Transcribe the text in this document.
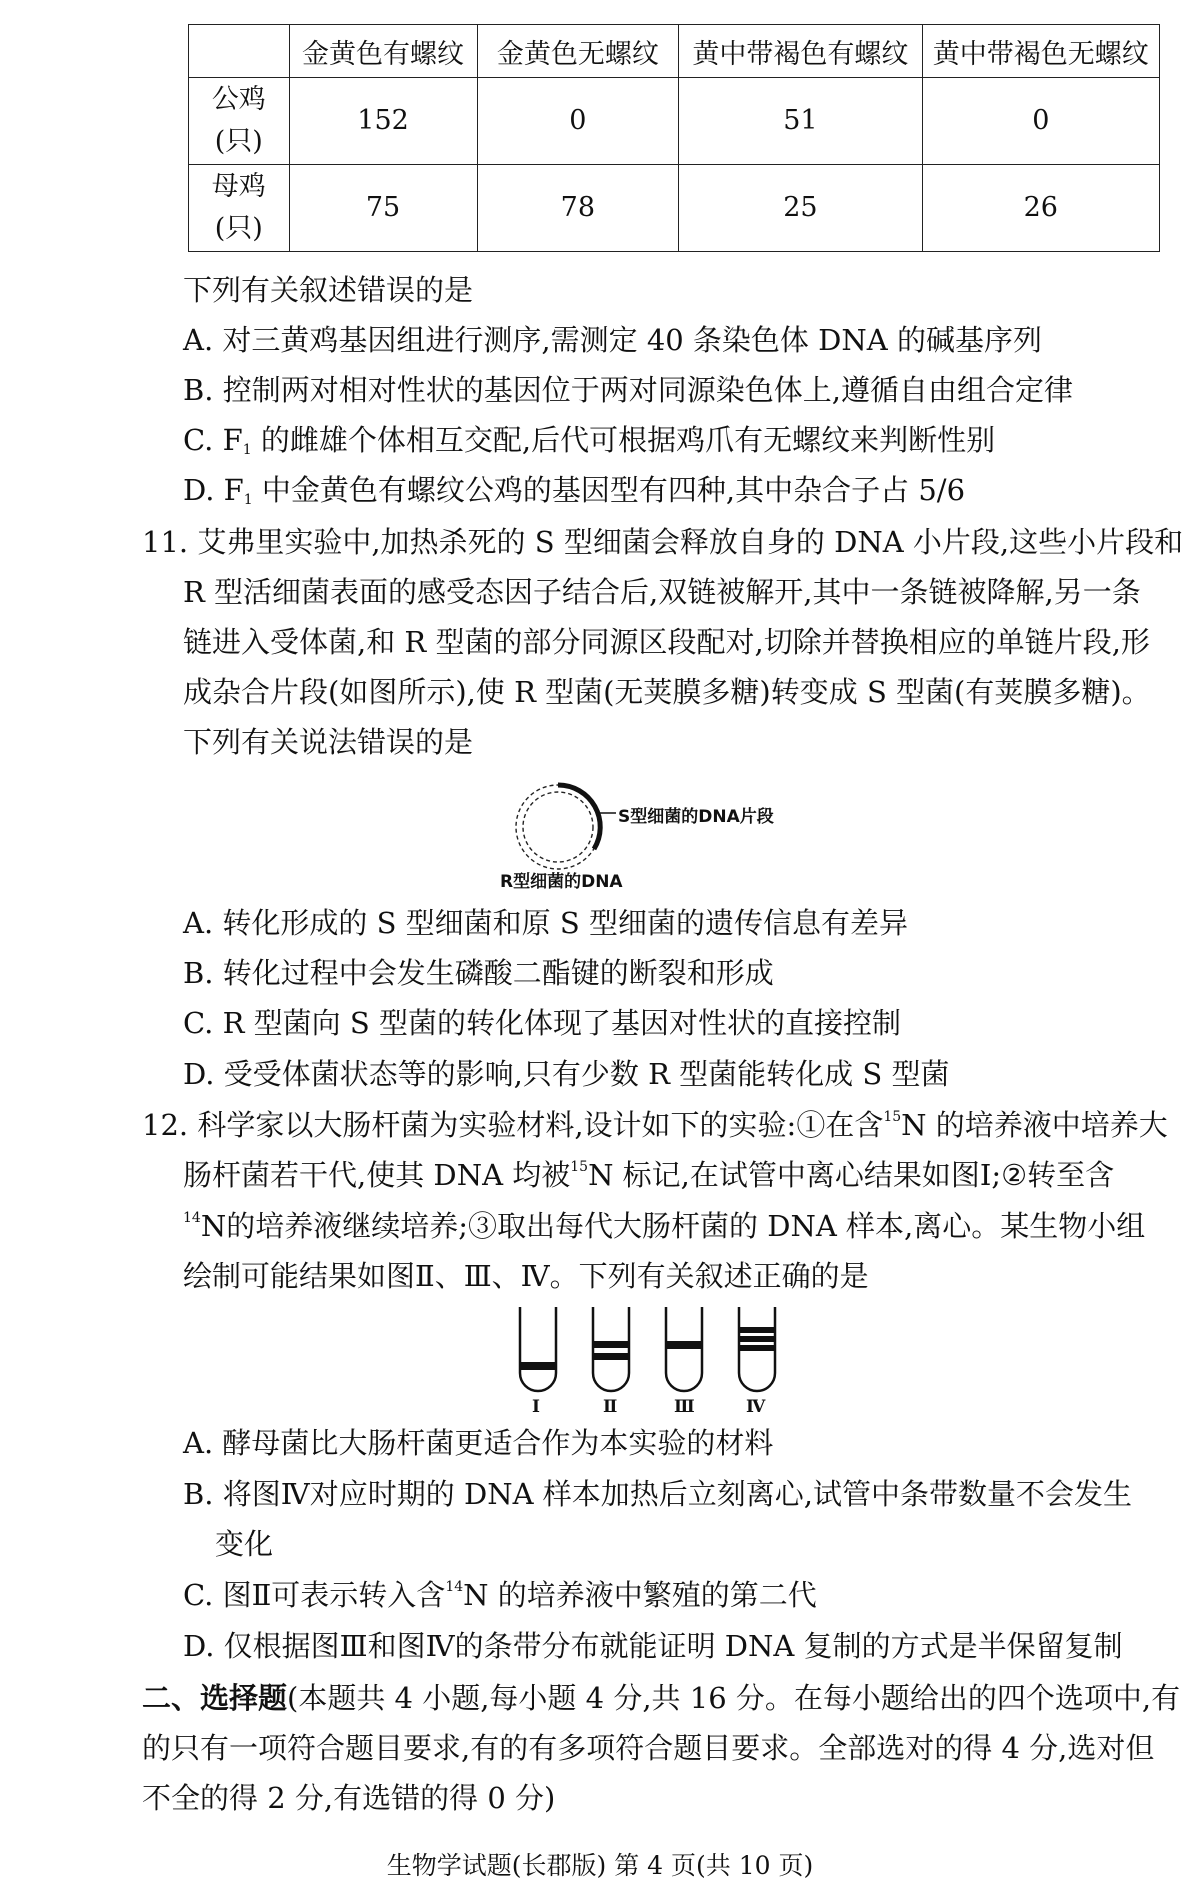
	金黄色有螺纹	金黄色无螺纹	黄中带褐色有螺纹	黄中带褐色无螺纹
公鸡
(只)	152	0	51	0
母鸡
(只)	75	78	25	26
下列有关叙述错误的是
A. 对三黄鸡基因组进行测序,需测定 40 条染色体 DNA 的碱基序列
B. 控制两对相对性状的基因位于两对同源染色体上,遵循自由组合定律
C. $F_1$ 的雌雄个体相互交配,后代可根据鸡爪有无螺纹来判断性别
D. $F_1$ 中金黄色有螺纹公鸡的基因型有四种,其中杂合子占 5/6
11. 艾弗里实验中,加热杀死的 S 型细菌会释放自身的 DNA 小片段,这些小片段和
R 型活细菌表面的感受态因子结合后,双链被解开,其中一条链被降解,另一条
链进入受体菌,和 R 型菌的部分同源区段配对,切除并替换相应的单链片段,形
成杂合片段(如图所示),使 R 型菌(无荚膜多糖)转变成 S 型菌(有荚膜多糖)。
下列有关说法错误的是
S型细菌的DNA片段
R型细菌的DNA
A. 转化形成的 S 型细菌和原 S 型细菌的遗传信息有差异
B. 转化过程中会发生磷酸二酯键的断裂和形成
C. R 型菌向 S 型菌的转化体现了基因对性状的直接控制
D. 受受体菌状态等的影响,只有少数 R 型菌能转化成 S 型菌
12. 科学家以大肠杆菌为实验材料,设计如下的实验:①在含$^{15}$N 的培养液中培养大
肠杆菌若干代,使其 DNA 均被$^{15}$N 标记,在试管中离心结果如图Ⅰ;②转至含
$^{14}$N的培养液继续培养;③取出每代大肠杆菌的 DNA 样本,离心。某生物小组
绘制可能结果如图Ⅱ、Ⅲ、Ⅳ。下列有关叙述正确的是
Ⅰ	Ⅱ	Ⅲ	Ⅳ
A. 酵母菌比大肠杆菌更适合作为本实验的材料
B. 将图Ⅳ对应时期的 DNA 样本加热后立刻离心,试管中条带数量不会发生
变化
C. 图Ⅱ可表示转入含$^{14}$N 的培养液中繁殖的第二代
D. 仅根据图Ⅲ和图Ⅳ的条带分布就能证明 DNA 复制的方式是半保留复制
二、选择题(本题共 4 小题,每小题 4 分,共 16 分。在每小题给出的四个选项中,有
的只有一项符合题目要求,有的有多项符合题目要求。全部选对的得 4 分,选对但
不全的得 2 分,有选错的得 0 分)
生物学试题(长郡版) 第 4 页(共 10 页)
